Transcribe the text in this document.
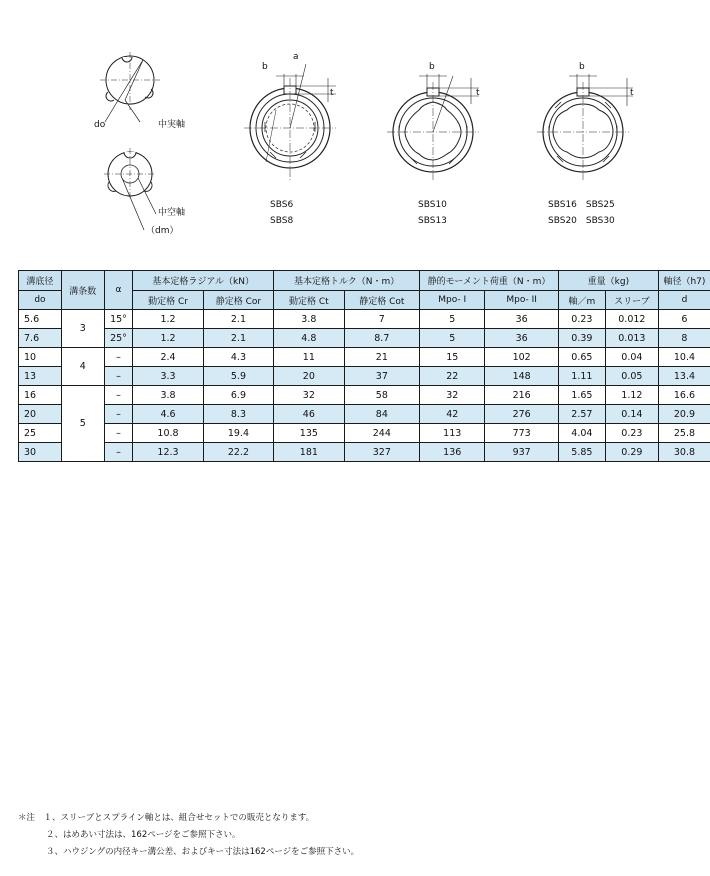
do	中実軸
中空軸
（dm）
b
a
t
SBS6
SBS8
b
t
SBS10
SBS13
b
t
SBS16　SBS25
SBS20　SBS30
溝底径	溝条数	α	基本定格ラジアル（kN）		基本定格トルク（N・m）		静的モーメント荷重（N・m）		重量（kg)		軸径（h7)
do			動定格 Cr	静定格 Cor	動定格 Ct	静定格 Cot	Mpo- I	Mpo- II	軸／m	スリーブ	d
5.6	3	15°	1.2	2.1	3.8	7	5	36	0.23	0.012	6
7.6		25°	1.2	2.1	4.8	8.7	5	36	0.39	0.013	8
10	4	–	2.4	4.3	11	21	15	102	0.65	0.04	10.4
13		–	3.3	5.9	20	37	22	148	1.11	0.05	13.4
16	5	–	3.8	6.9	32	58	32	216	1.65	1.12	16.6
20		–	4.6	8.3	46	84	42	276	2.57	0.14	20.9
25		–	10.8	19.4	135	244	113	773	4.04	0.23	25.8
30		–	12.3	22.2	181	327	136	937	5.85	0.29	30.8
＊注　１、スリーブとスプライン軸とは、組合せセットでの販売となります。
２、はめあい寸法は、162ページをご参照下さい。
３、ハウジングの内径キー溝公差、およびキー寸法は162ページをご参照下さい。
